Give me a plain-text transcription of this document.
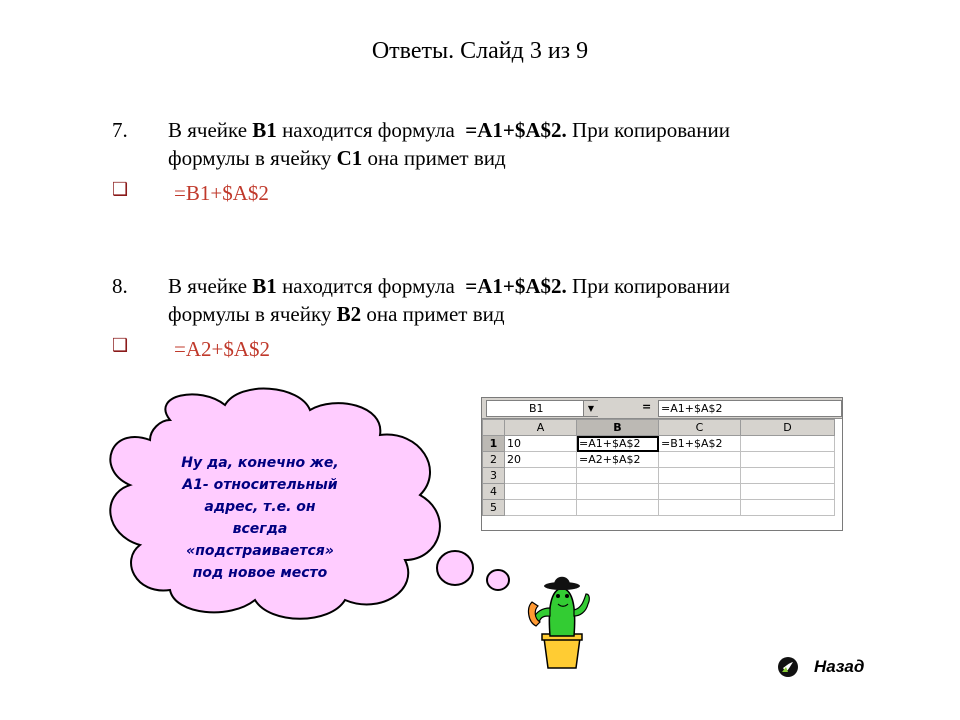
Ответы. Слайд 3 из 9
7. В ячейке B1 находится формула  =A1+$A$2. При копировании
формулы в ячейку C1 она примет вид
❑ =B1+$A$2
8. В ячейке B1 находится формула  =A1+$A$2. При копировании
формулы в ячейку B2 она примет вид
❑ =A2+$A$2
B1	▼	= =A1+$A$2
	A	B	C	D
1	10	=A1+$A$2	=B1+$A$2	
2	20	=A2+$A$2		
3				
4				
5				
Ну да, конечно же,
А1- относительный
адрес, т.е. он
всегда
«подстраивается»
под новое место
Назад
